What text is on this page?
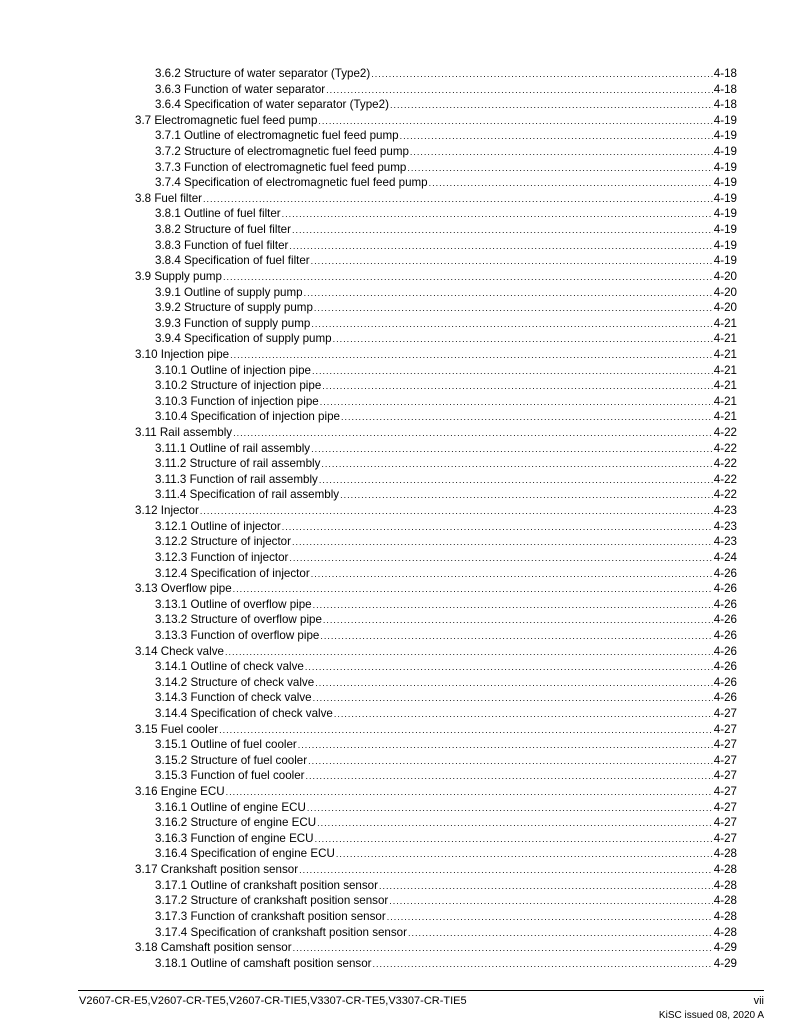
3.6.2 Structure of water separator (Type2) .....	4-18
3.6.3 Function of water separator .....	4-18
3.6.4 Specification of water separator (Type2) .....	4-18
3.7 Electromagnetic fuel feed pump .....	4-19
3.7.1 Outline of electromagnetic fuel feed pump .....	4-19
3.7.2 Structure of electromagnetic fuel feed pump .....	4-19
3.7.3 Function of electromagnetic fuel feed pump .....	4-19
3.7.4 Specification of electromagnetic fuel feed pump .....	4-19
3.8 Fuel filter .....	4-19
3.8.1 Outline of fuel filter .....	4-19
3.8.2 Structure of fuel filter .....	4-19
3.8.3 Function of fuel filter .....	4-19
3.8.4 Specification of fuel filter .....	4-19
3.9 Supply pump .....	4-20
3.9.1 Outline of supply pump .....	4-20
3.9.2 Structure of supply pump .....	4-20
3.9.3 Function of supply pump .....	4-21
3.9.4 Specification of supply pump .....	4-21
3.10 Injection pipe .....	4-21
3.10.1 Outline of injection pipe .....	4-21
3.10.2 Structure of injection pipe .....	4-21
3.10.3 Function of injection pipe .....	4-21
3.10.4 Specification of injection pipe .....	4-21
3.11 Rail assembly .....	4-22
3.11.1 Outline of rail assembly .....	4-22
3.11.2 Structure of rail assembly .....	4-22
3.11.3 Function of rail assembly .....	4-22
3.11.4 Specification of rail assembly .....	4-22
3.12 Injector .....	4-23
3.12.1 Outline of injector .....	4-23
3.12.2 Structure of injector .....	4-23
3.12.3 Function of injector .....	4-24
3.12.4 Specification of injector .....	4-26
3.13 Overflow pipe .....	4-26
3.13.1 Outline of overflow pipe .....	4-26
3.13.2 Structure of overflow pipe .....	4-26
3.13.3 Function of overflow pipe .....	4-26
3.14 Check valve .....	4-26
3.14.1 Outline of check valve .....	4-26
3.14.2 Structure of check valve .....	4-26
3.14.3 Function of check valve .....	4-26
3.14.4 Specification of check valve .....	4-27
3.15 Fuel cooler .....	4-27
3.15.1 Outline of fuel cooler .....	4-27
3.15.2 Structure of fuel cooler .....	4-27
3.15.3 Function of fuel cooler .....	4-27
3.16 Engine ECU .....	4-27
3.16.1 Outline of engine ECU .....	4-27
3.16.2 Structure of engine ECU .....	4-27
3.16.3 Function of engine ECU .....	4-27
3.16.4 Specification of engine ECU .....	4-28
3.17 Crankshaft position sensor .....	4-28
3.17.1 Outline of crankshaft position sensor .....	4-28
3.17.2 Structure of crankshaft position sensor .....	4-28
3.17.3 Function of crankshaft position sensor .....	4-28
3.17.4 Specification of crankshaft position sensor .....	4-28
3.18 Camshaft position sensor .....	4-29
3.18.1 Outline of camshaft position sensor .....	4-29
V2607-CR-E5,V2607-CR-TE5,V2607-CR-TIE5,V3307-CR-TE5,V3307-CR-TIE5	vii
KiSC issued 08, 2020 A
